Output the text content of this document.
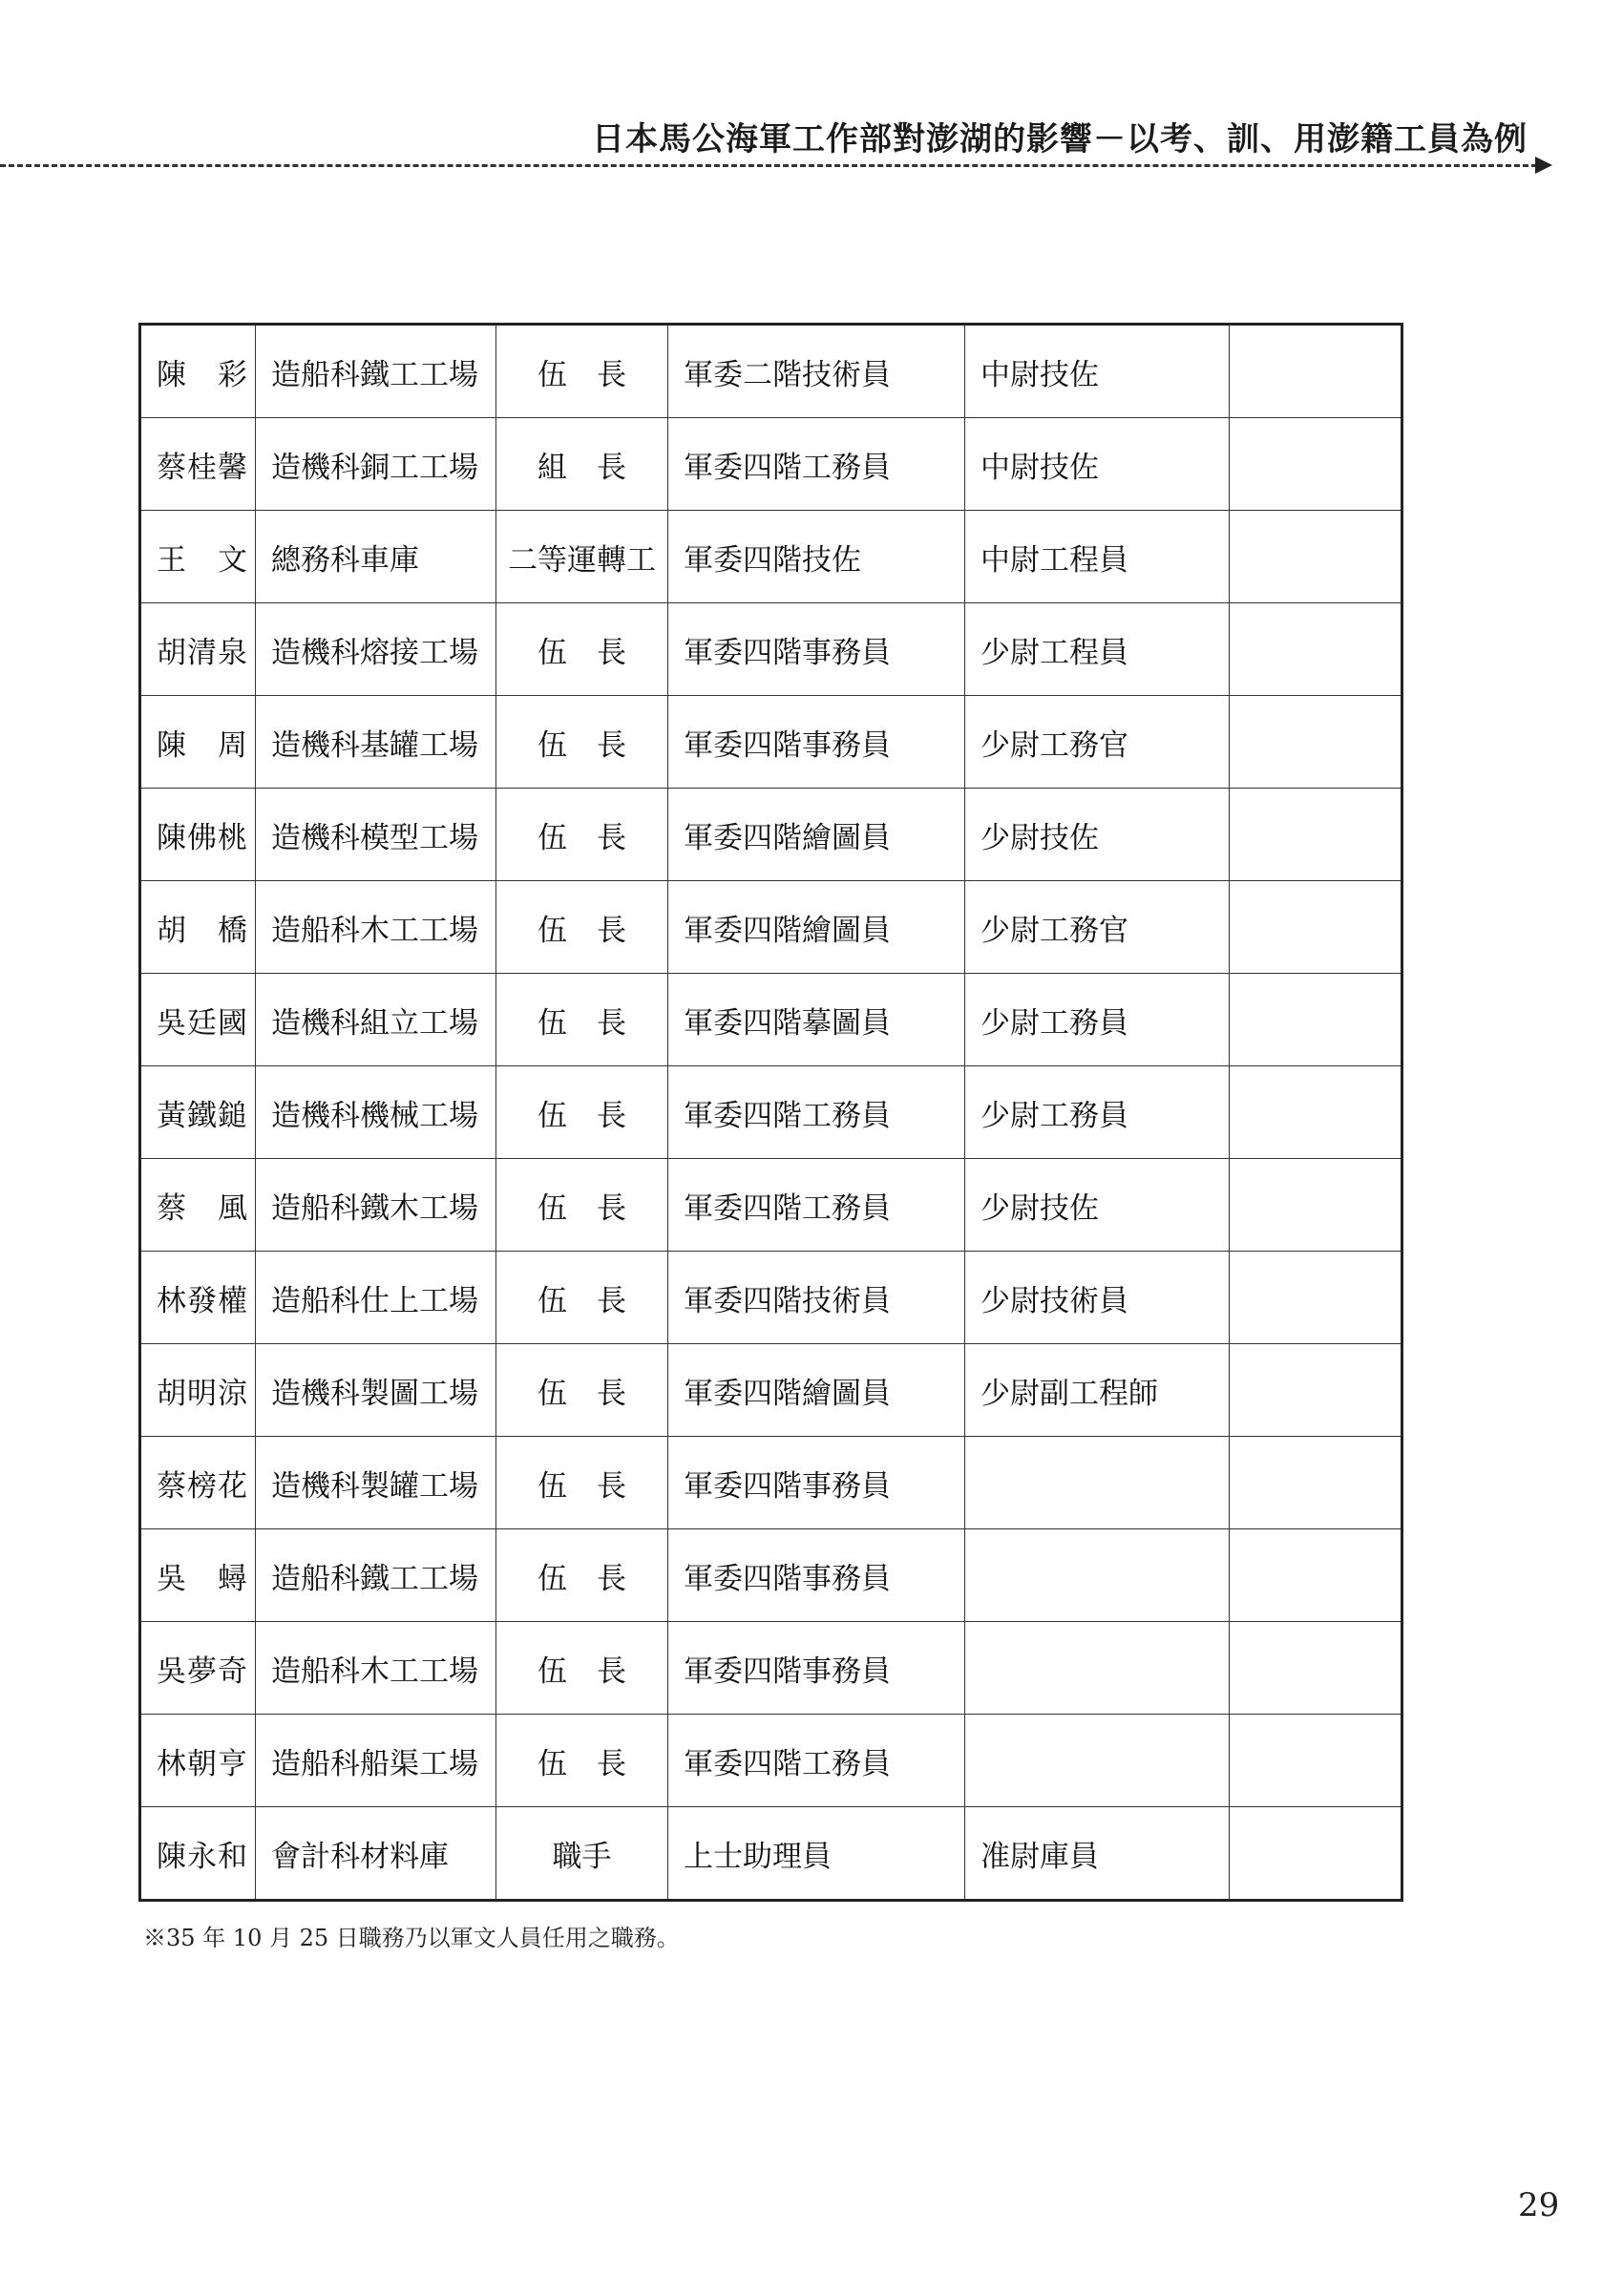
日本馬公海軍工作部對澎湖的影響－以考、訓、用澎籍工員為例
陳　彩	造船科鐵工工場	伍　長	軍委二階技術員	中尉技佐	
蔡桂馨	造機科銅工工場	組　長	軍委四階工務員	中尉技佐	
王　文	總務科車庫	二等運轉工	軍委四階技佐	中尉工程員	
胡清泉	造機科熔接工場	伍　長	軍委四階事務員	少尉工程員	
陳　周	造機科基罐工場	伍　長	軍委四階事務員	少尉工務官	
陳佛桃	造機科模型工場	伍　長	軍委四階繪圖員	少尉技佐	
胡　橋	造船科木工工場	伍　長	軍委四階繪圖員	少尉工務官	
吳廷國	造機科組立工場	伍　長	軍委四階摹圖員	少尉工務員	
黃鐵鎚	造機科機械工場	伍　長	軍委四階工務員	少尉工務員	
蔡　風	造船科鐵木工場	伍　長	軍委四階工務員	少尉技佐	
林發權	造船科仕上工場	伍　長	軍委四階技術員	少尉技術員	
胡明涼	造機科製圖工場	伍　長	軍委四階繪圖員	少尉副工程師	
蔡榜花	造機科製罐工場	伍　長	軍委四階事務員		
吳　蟳	造船科鐵工工場	伍　長	軍委四階事務員		
吳夢奇	造船科木工工場	伍　長	軍委四階事務員		
林朝亨	造船科船渠工場	伍　長	軍委四階工務員		
陳永和	會計科材料庫	職手	上士助理員	准尉庫員	
※35 年 10 月 25 日職務乃以軍文人員任用之職務。
29
